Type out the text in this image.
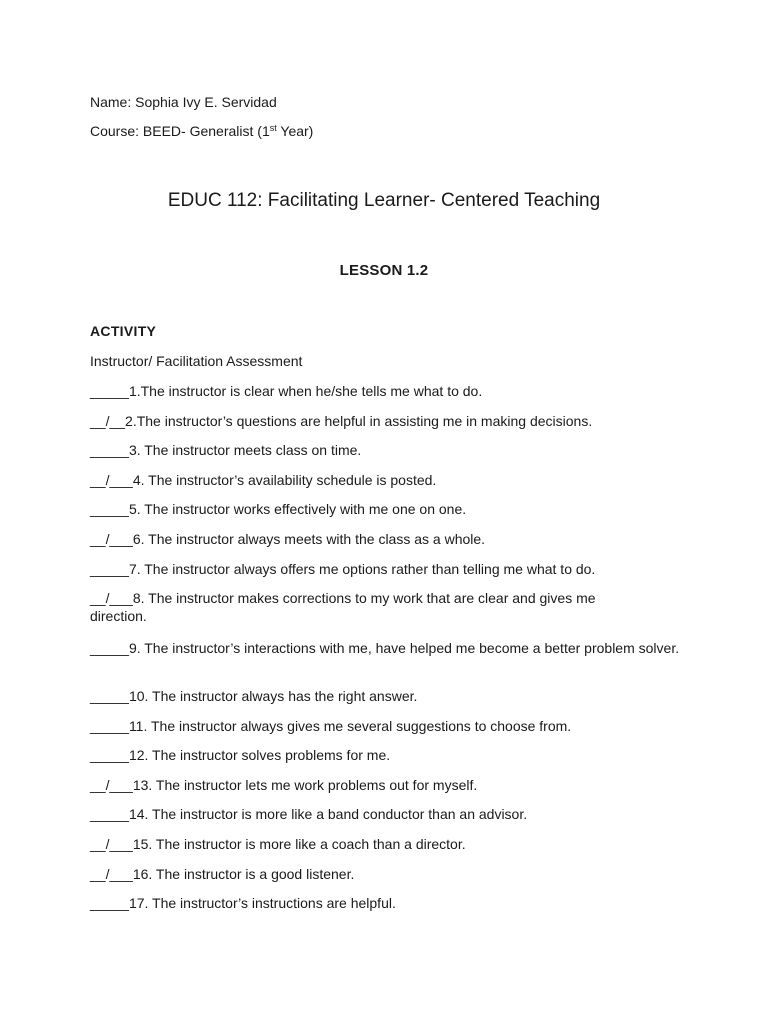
Name: Sophia Ivy E. Servidad
Course: BEED- Generalist (1st Year)
EDUC 112: Facilitating Learner- Centered Teaching
LESSON 1.2
ACTIVITY
Instructor/ Facilitation Assessment
_____1.The instructor is clear when he/she tells me what to do.
__/__2.The instructor’s questions are helpful in assisting me in making decisions.
_____3. The instructor meets class on time.
__/___4. The instructor’s availability schedule is posted.
_____5. The instructor works effectively with me one on one.
__/___6. The instructor always meets with the class as a whole.
_____7. The instructor always offers me options rather than telling me what to do.
__/___8. The instructor makes corrections to my work that are clear and gives me direction.
_____9. The instructor’s interactions with me, have helped me become a better problem solver.
_____10. The instructor always has the right answer.
_____11. The instructor always gives me several suggestions to choose from.
_____12. The instructor solves problems for me.
__/___13. The instructor lets me work problems out for myself.
_____14. The instructor is more like a band conductor than an advisor.
__/___15. The instructor is more like a coach than a director.
__/___16. The instructor is a good listener.
_____17. The instructor’s instructions are helpful.
